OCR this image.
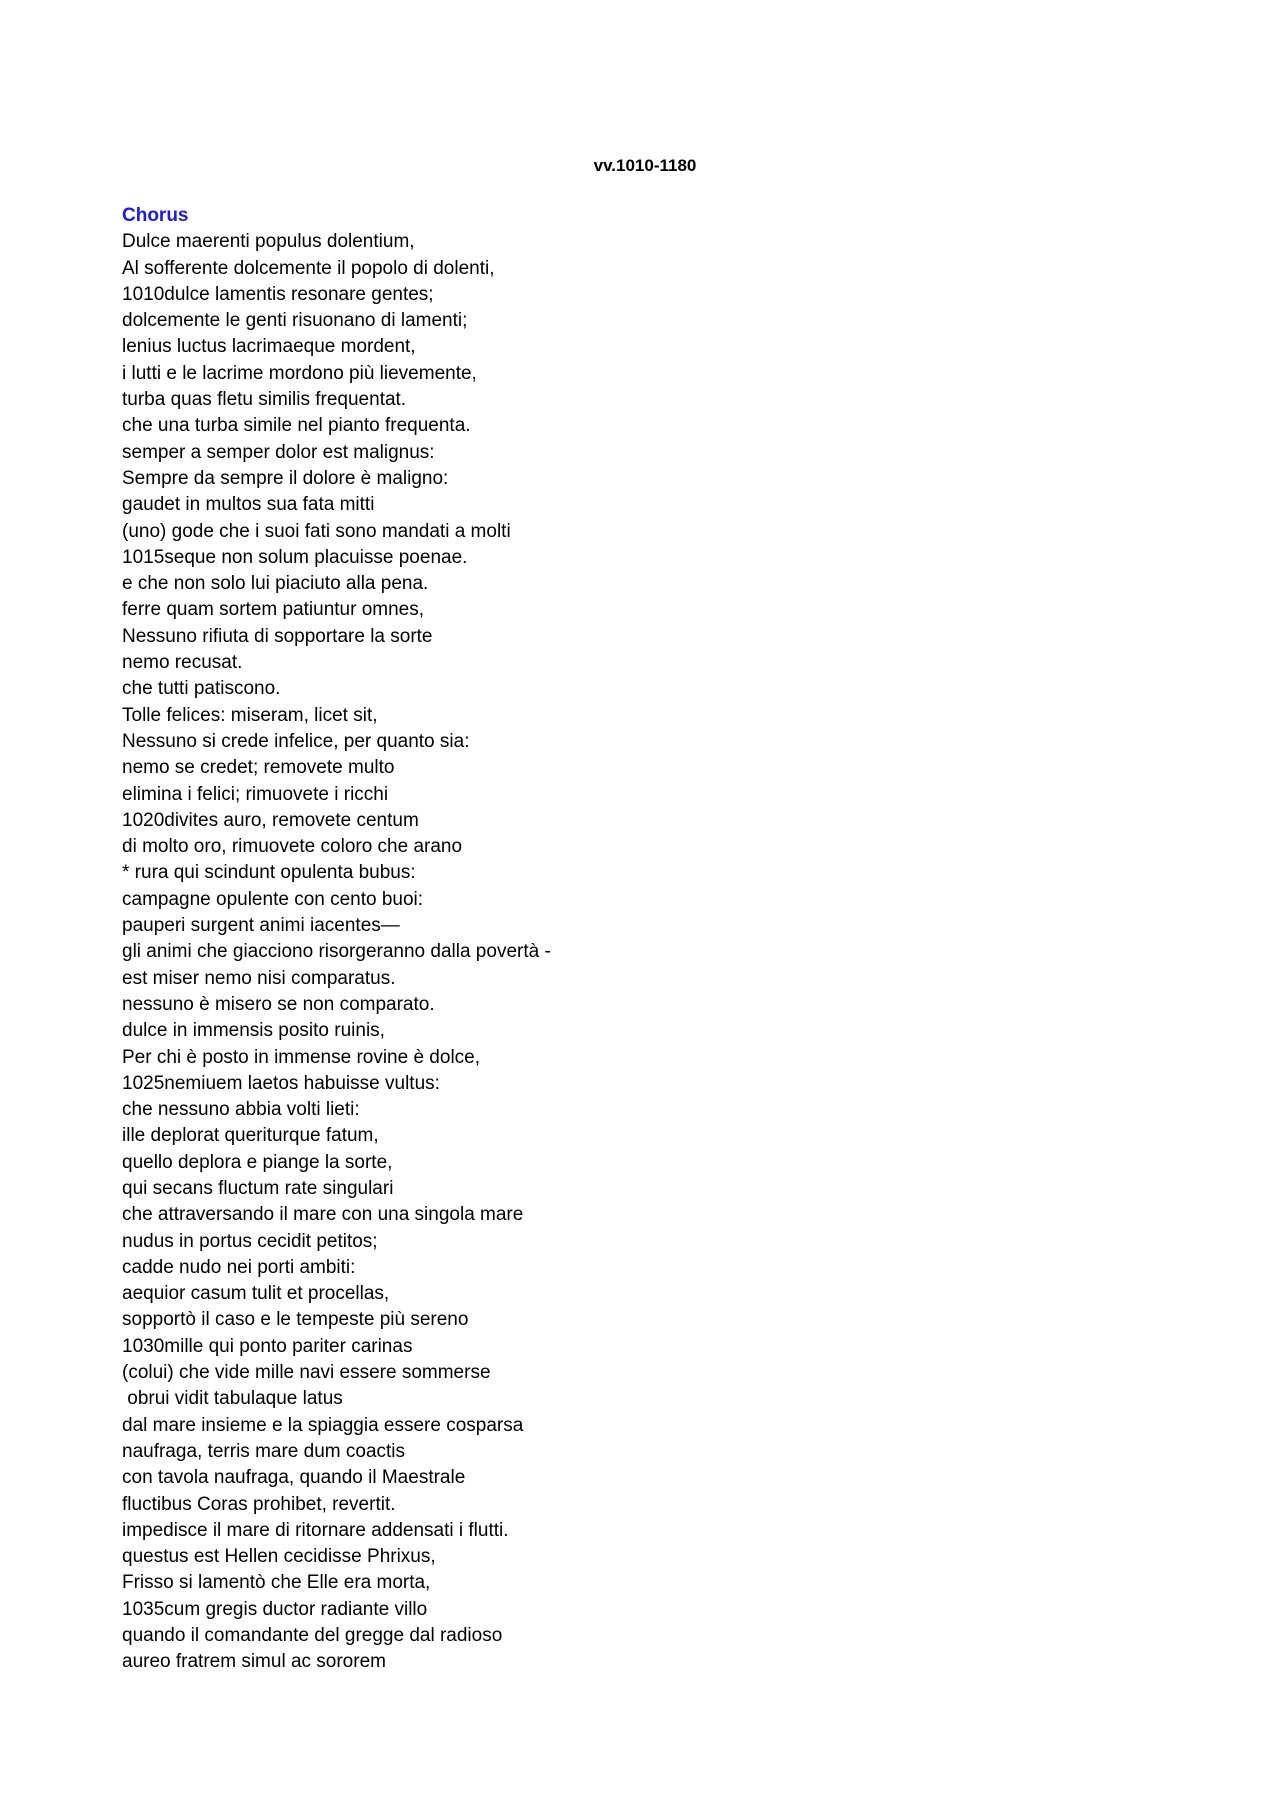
vv.1010-1180
Chorus
Dulce maerenti populus dolentium,
Al sofferente dolcemente il popolo di dolenti,
1010dulce lamentis resonare gentes;
dolcemente le genti risuonano di lamenti;
lenius luctus lacrimaeque mordent,
i lutti e le lacrime mordono più lievemente,
turba quas fletu similis frequentat.
che una turba simile nel pianto frequenta.
semper a semper dolor est malignus:
Sempre da sempre il dolore è maligno:
gaudet in multos sua fata mitti
(uno) gode che i suoi fati sono mandati a molti
1015seque non solum placuisse poenae.
e che non solo lui piaciuto alla pena.
ferre quam sortem patiuntur omnes,
Nessuno rifiuta di sopportare la sorte
nemo recusat.
che tutti patiscono.
Tolle felices: miseram, licet sit,
Nessuno si crede infelice, per quanto sia:
nemo se credet; removete multo
elimina i felici; rimuovete i ricchi
1020divites auro, removete centum
di molto oro, rimuovete coloro che arano
* rura qui scindunt opulenta bubus:
campagne opulente con cento buoi:
pauperi surgent animi iacentes—
gli animi che giacciono risorgeranno dalla povertà -
est miser nemo nisi comparatus.
nessuno è misero se non comparato.
dulce in immensis posito ruinis,
Per chi è posto in immense rovine è dolce,
1025nemiuem laetos habuisse vultus:
che nessuno abbia volti lieti:
ille deplorat queriturque fatum,
quello deplora e piange la sorte,
qui secans fluctum rate singulari
che attraversando il mare con una singola mare
nudus in portus cecidit petitos;
cadde nudo nei porti ambiti:
aequior casum tulit et procellas,
sopportò il caso e le tempeste più sereno
1030mille qui ponto pariter carinas
(colui) che vide mille navi essere sommerse
obrui vidit tabulaque latus
dal mare insieme e la spiaggia essere cosparsa
naufraga, terris mare dum coactis
con tavola naufraga, quando il Maestrale
fluctibus Coras prohibet, revertit.
impedisce il mare di ritornare addensati i flutti.
questus est Hellen cecidisse Phrixus,
Frisso si lamentò che Elle era morta,
1035cum gregis ductor radiante villo
quando il comandante del gregge dal radioso
aureo fratrem simul ac sororem
